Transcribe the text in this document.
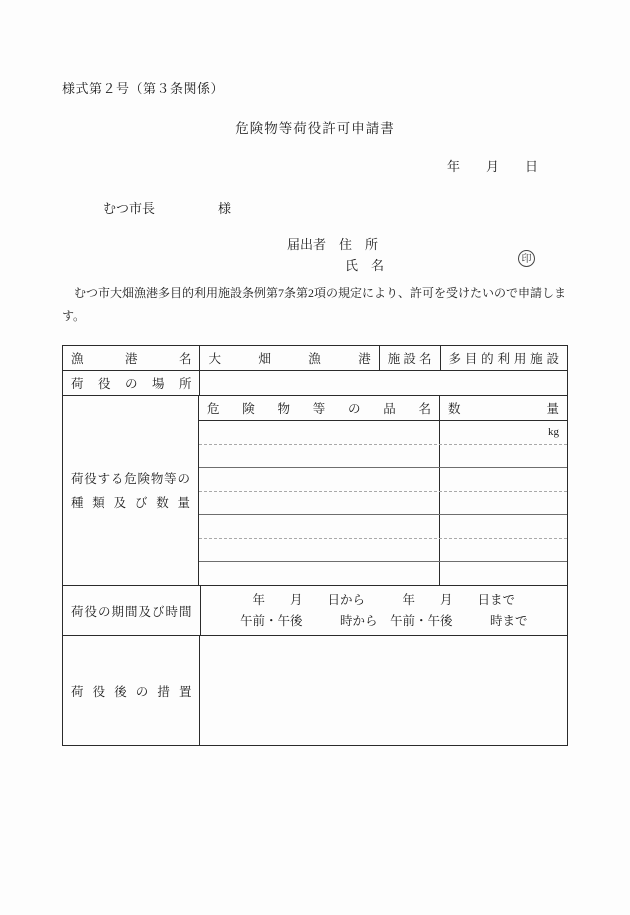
様式第２号（第３条関係）
危険物等荷役許可申請書
年　　月　　日
むつ市長	様
届出者　住　所
氏　名	印
　むつ市大畑漁港多目的利用施設条例第7条第2項の規定により、許可を受けたいので申請します。
漁港名 大畑漁港 施設名 多目的利用施設
荷役の場所
荷役する危険物等の
種類及び数量
危険物等の品名 数量
kg
荷役の期間及び時間
年　　月　　日から　　　年　　月　　日まで
午前・午後　　　時から　午前・午後　　　時まで
荷役後の措置
